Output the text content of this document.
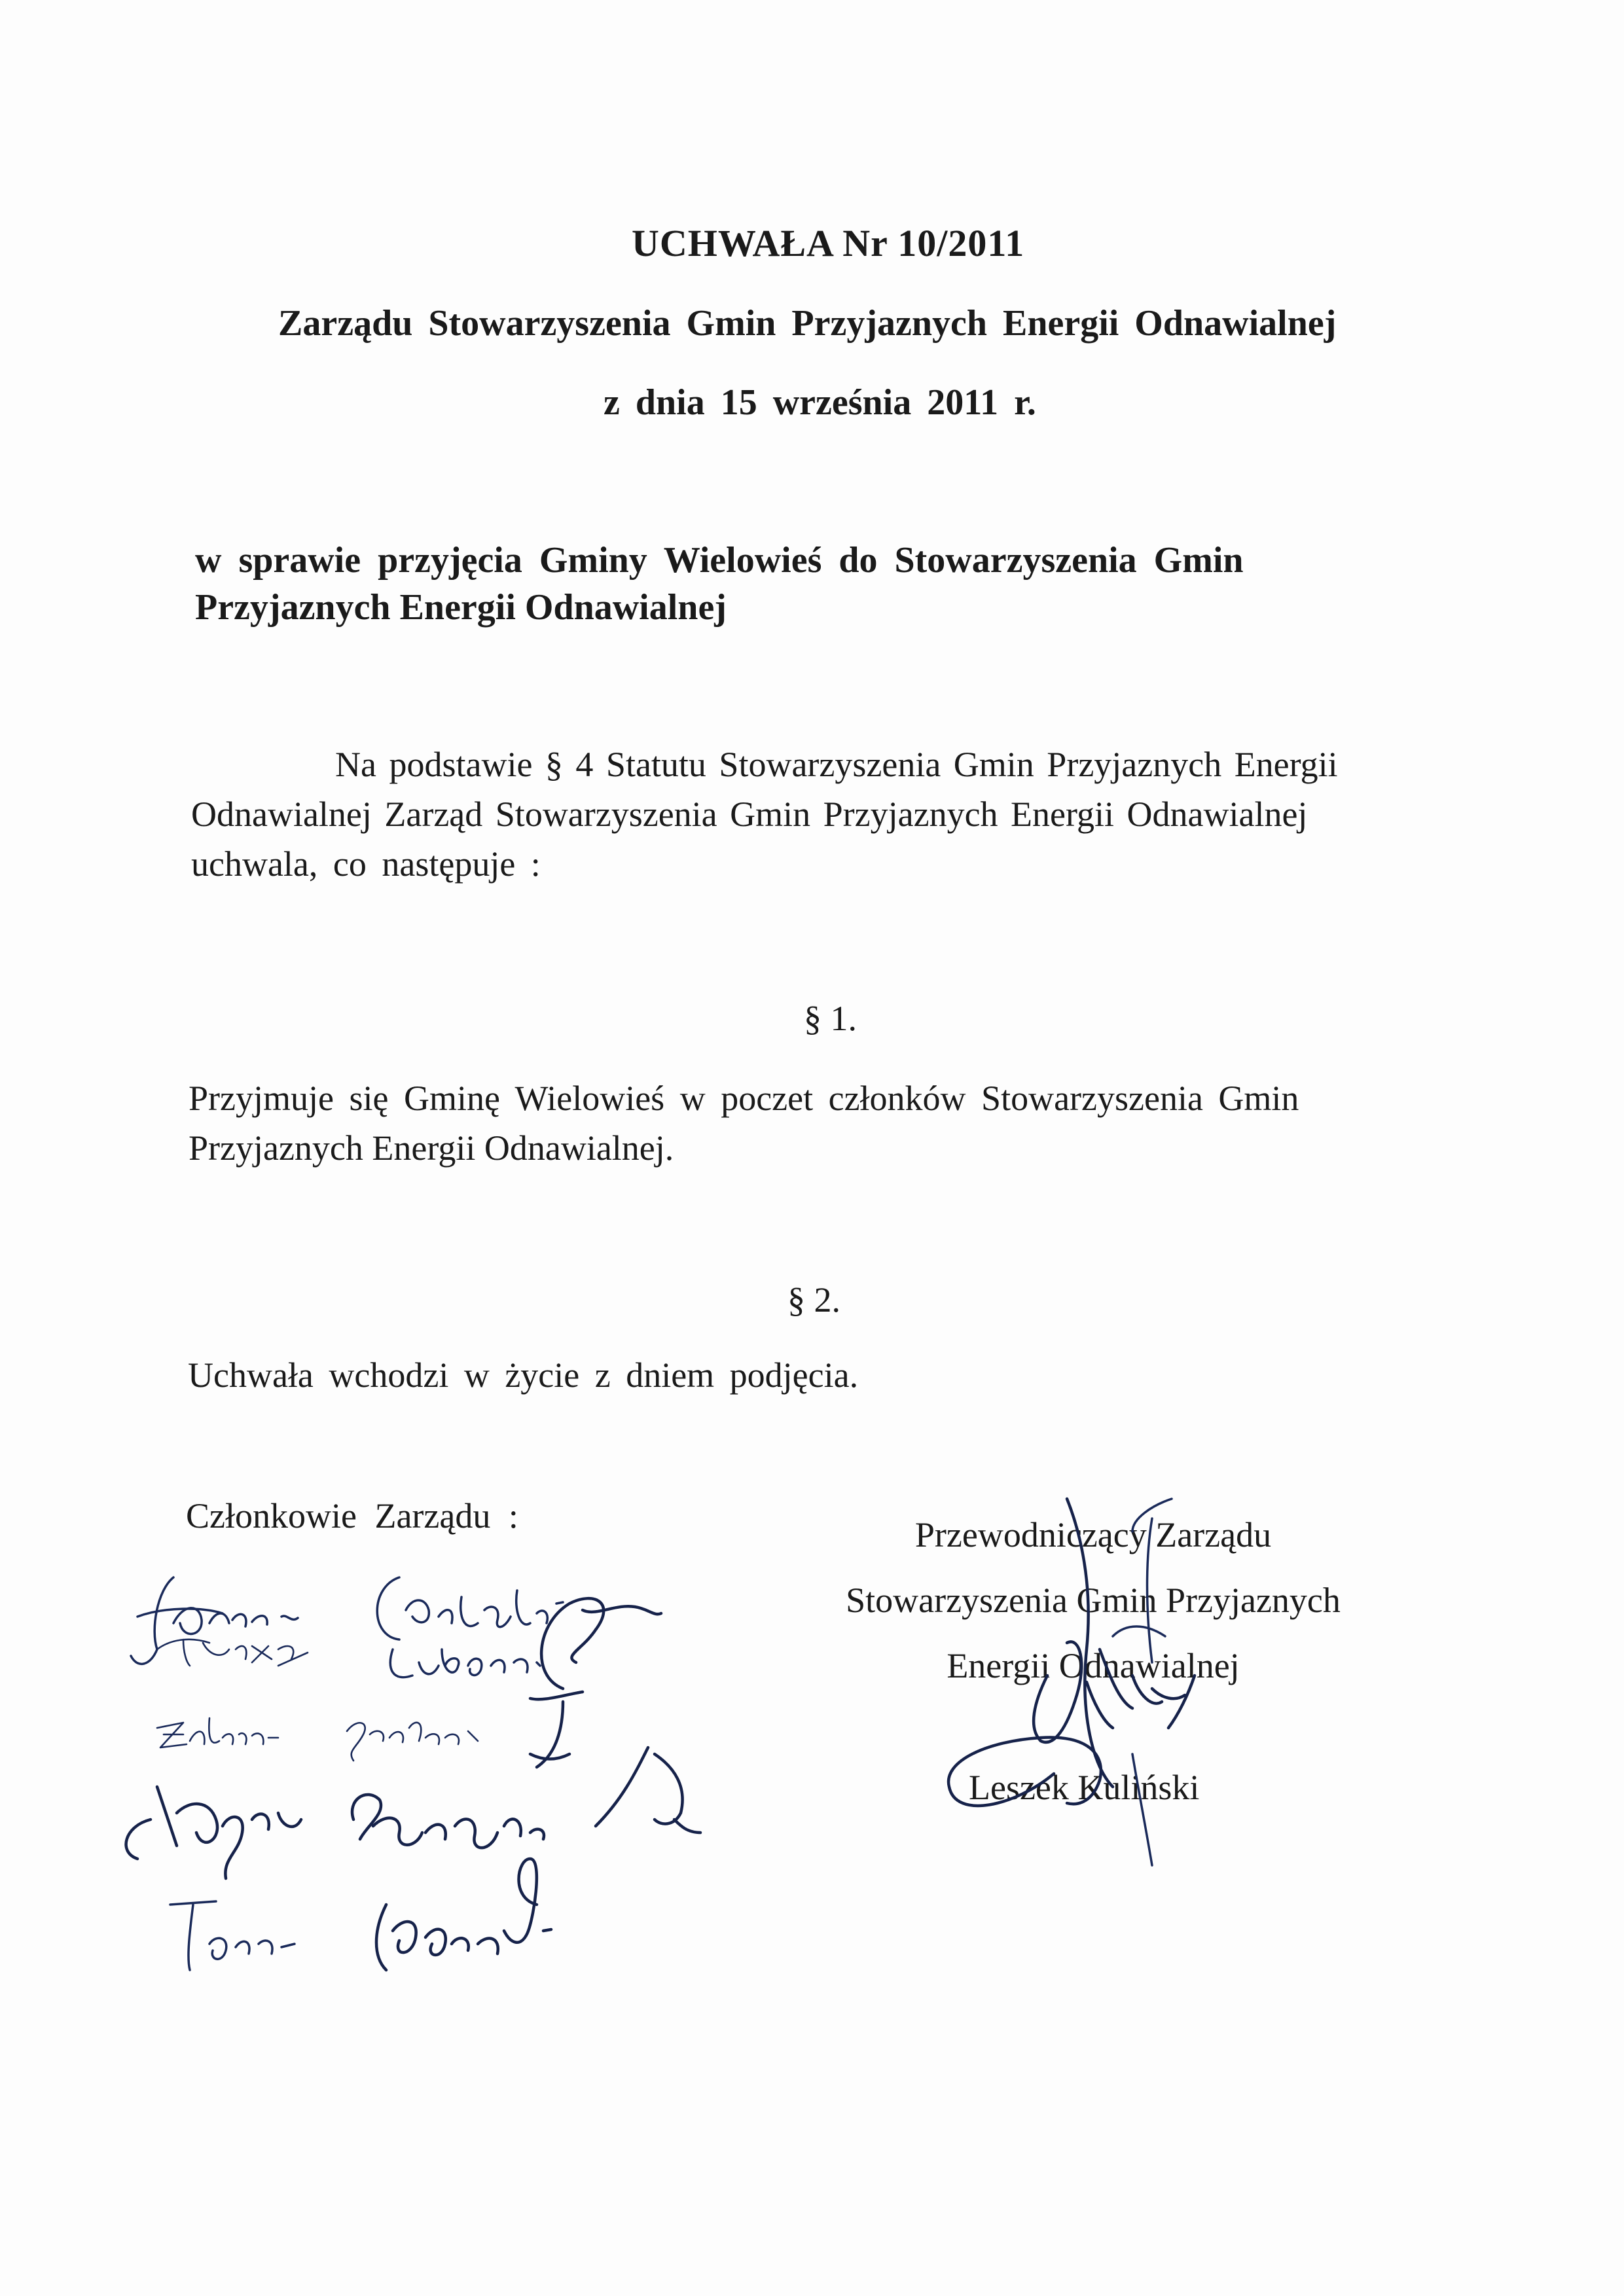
UCHWAŁA Nr 10/2011
Zarządu Stowarzyszenia Gmin Przyjaznych Energii Odnawialnej
z dnia 15 września 2011 r.
w sprawie przyjęcia Gminy Wielowieś do Stowarzyszenia Gmin
Przyjaznych Energii Odnawialnej
Na podstawie § 4 Statutu Stowarzyszenia Gmin Przyjaznych Energii
Odnawialnej Zarząd Stowarzyszenia Gmin Przyjaznych Energii Odnawialnej
uchwala, co następuje :
§ 1.
Przyjmuje się Gminę Wielowieś w poczet członków Stowarzyszenia Gmin
Przyjaznych Energii Odnawialnej.
§ 2.
Uchwała wchodzi w życie z dniem podjęcia.
Członkowie Zarządu :	Przewodniczący Zarządu
Stowarzyszenia Gmin Przyjaznych
Energii Odnawialnej
Leszek Kuliński
